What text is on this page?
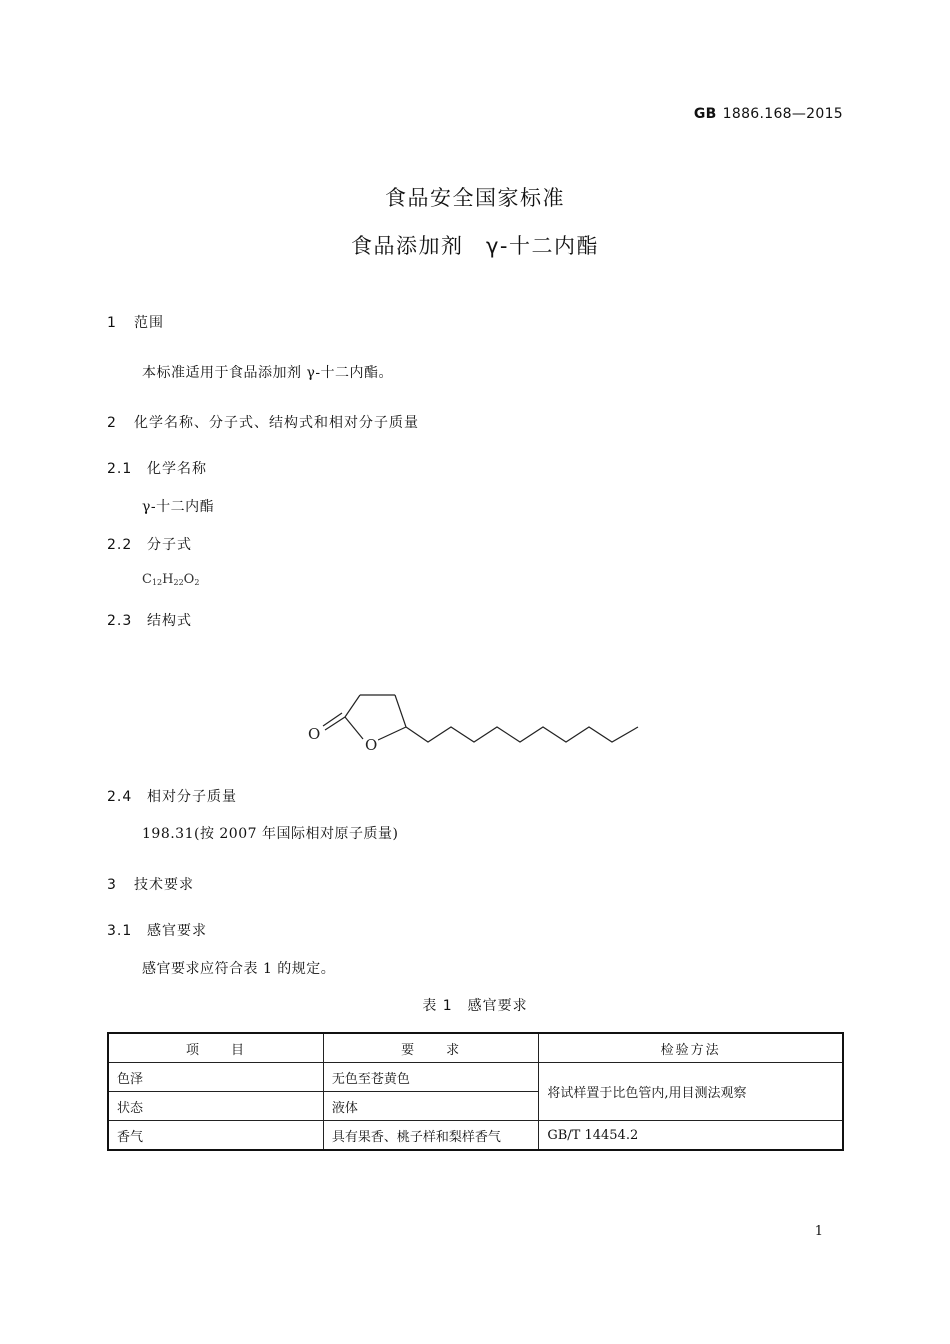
GB 1886.168—2015
食品安全国家标准
食品添加剂　γ-十二内酯
1 范围
本标准适用于食品添加剂 γ-十二内酯。
2 化学名称、分子式、结构式和相对分子质量
2.1 化学名称
γ-十二内酯
2.2 分子式
$C_{12}H_{22}O_2$
2.3 结构式
O
O
2.4 相对分子质量
198.31(按 2007 年国际相对原子质量)
3 技术要求
3.1 感官要求
感官要求应符合表 1 的规定。
表 1　感官要求
项　　目	要　　求	检验方法
色泽	无色至苍黄色	将试样置于比色管内,用目测法观察
状态	液体	
香气	具有果香、桃子样和梨样香气	GB/T 14454.2
1
